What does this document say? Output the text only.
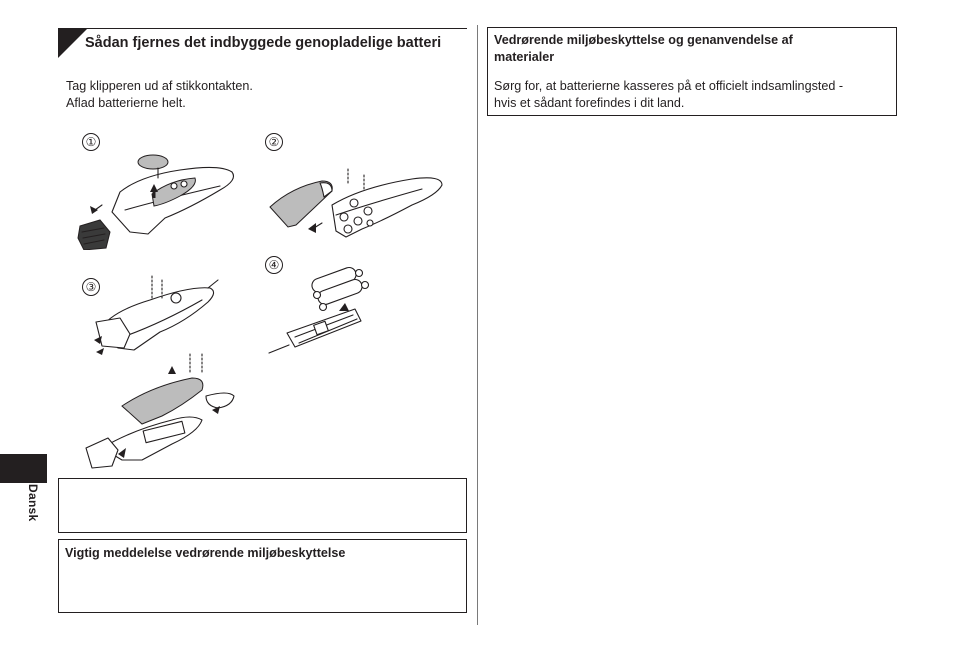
Sådan fjernes det indbyggede genopladelige batteri
Tag klipperen ud af stikkontakten.
Aflad batterierne helt.
①	②
③
④
Vigtig meddelelse vedrørende miljøbeskyttelse
Dansk
Vedrørende miljøbeskyttelse og genanvendelse af
materialer
Sørg for, at batterierne kasseres på et officielt indsamlingsted -
hvis et sådant forefindes i dit land.
